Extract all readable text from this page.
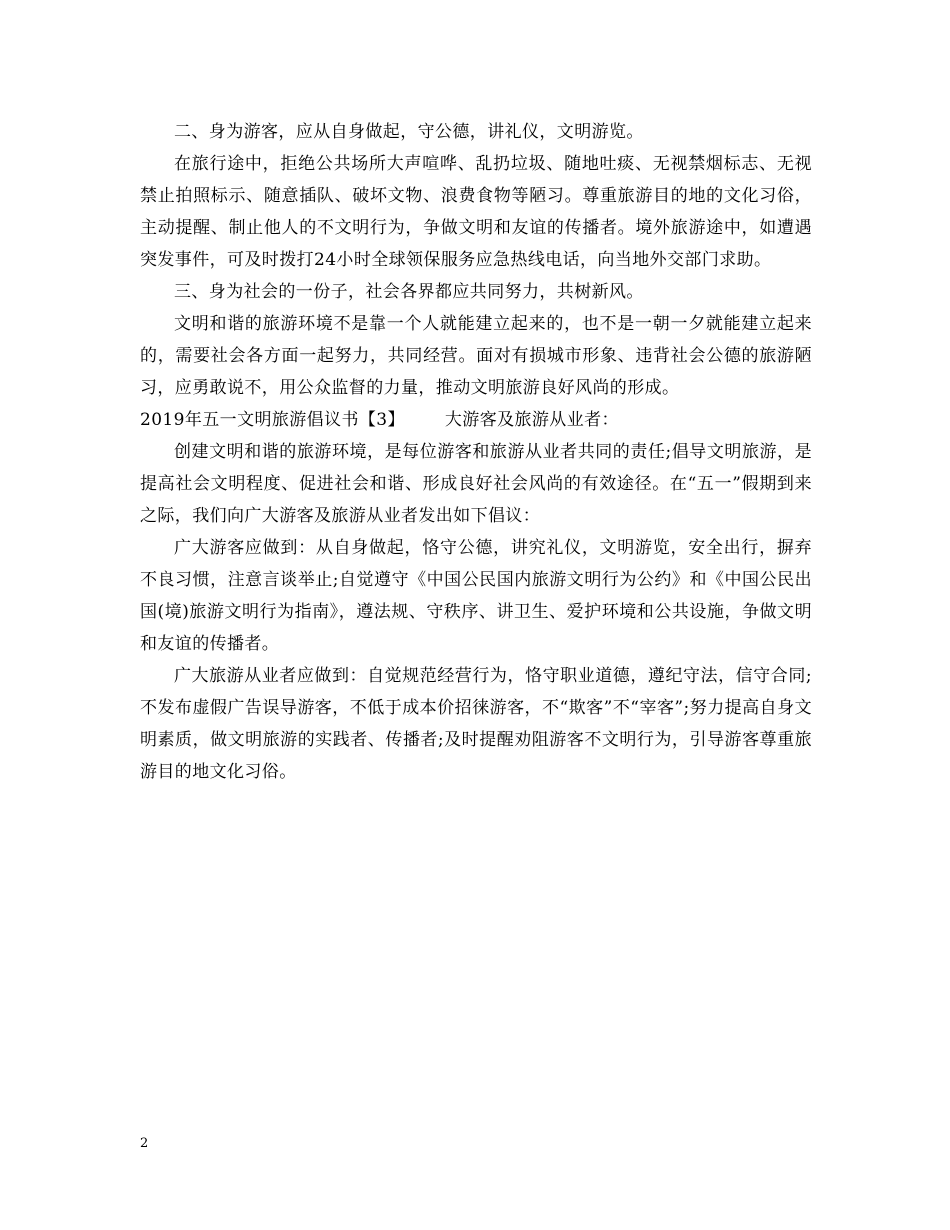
二、身为游客，应从自身做起，守公德，讲礼仪，文明游览。

在旅行途中，拒绝公共场所大声喧哗、乱扔垃圾、随地吐痰、无视禁烟标志、无视禁止拍照标示、随意插队、破坏文物、浪费食物等陋习。尊重旅游目的地的文化习俗，主动提醒、制止他人的不文明行为，争做文明和友谊的传播者。境外旅游途中，如遭遇突发事件，可及时拨打24小时全球领保服务应急热线电话，向当地外交部门求助。

三、身为社会的一份子，社会各界都应共同努力，共树新风。

文明和谐的旅游环境不是靠一个人就能建立起来的，也不是一朝一夕就能建立起来的，需要社会各方面一起努力，共同经营。面对有损城市形象、违背社会公德的旅游陋习，应勇敢说不，用公众监督的力量，推动文明旅游良好风尚的形成。

2019年五一文明旅游倡议书【3】 大游客及旅游从业者：

创建文明和谐的旅游环境，是每位游客和旅游从业者共同的责任;倡导文明旅游，是提高社会文明程度、促进社会和谐、形成良好社会风尚的有效途径。在“五一”假期到来之际，我们向广大游客及旅游从业者发出如下倡议：

广大游客应做到：从自身做起，恪守公德，讲究礼仪，文明游览，安全出行，摒弃不良习惯，注意言谈举止;自觉遵守《中国公民国内旅游文明行为公约》和《中国公民出国(境)旅游文明行为指南》，遵法规、守秩序、讲卫生、爱护环境和公共设施，争做文明和友谊的传播者。

广大旅游从业者应做到：自觉规范经营行为，恪守职业道德，遵纪守法，信守合同;不发布虚假广告误导游客，不低于成本价招徕游客，不“欺客”不“宰客”;努力提高自身文明素质，做文明旅游的实践者、传播者;及时提醒劝阻游客不文明行为，引导游客尊重旅游目的地文化习俗。

2
